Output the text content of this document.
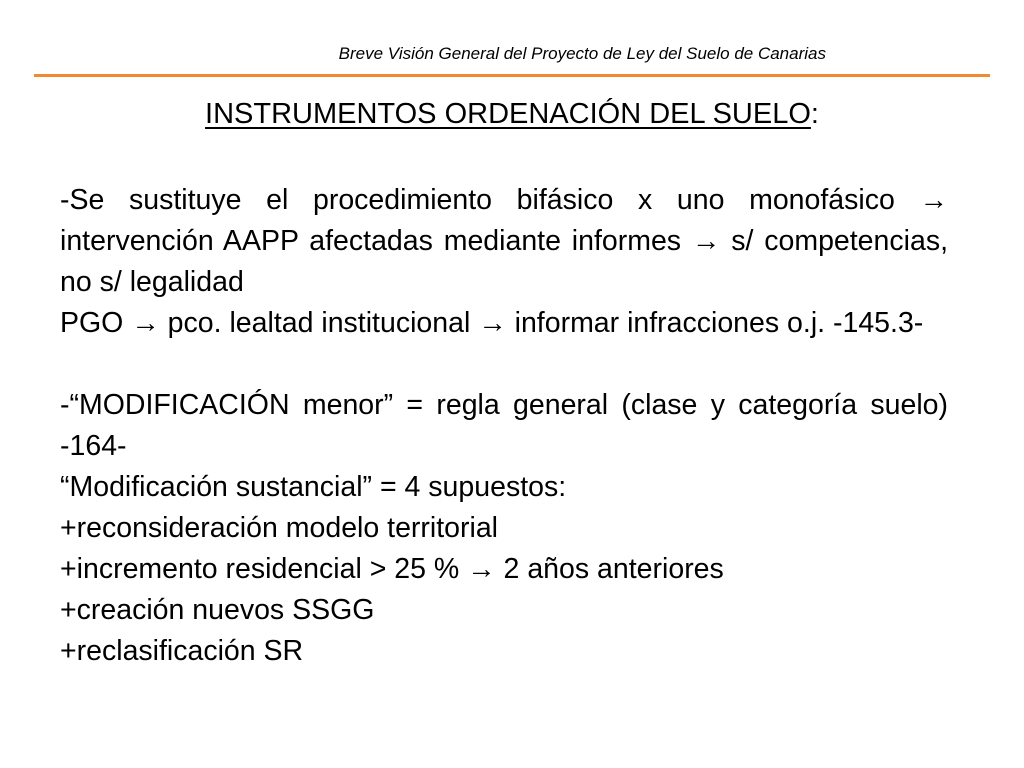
Breve Visión General del Proyecto de Ley del Suelo de Canarias
INSTRUMENTOS ORDENACIÓN DEL SUELO:

-Se sustituye el procedimiento bifásico x uno monofásico → intervención AAPP afectadas mediante informes → s/ competencias, no s/ legalidad

PGO → pco. lealtad institucional → informar infracciones o.j. -145.3-

-“MODIFICACIÓN menor” = regla general (clase y categoría suelo) -164-

“Modificación sustancial” = 4 supuestos:

+reconsideración modelo territorial

+incremento residencial > 25 % → 2 años anteriores

+creación nuevos SSGG

+reclasificación SR
